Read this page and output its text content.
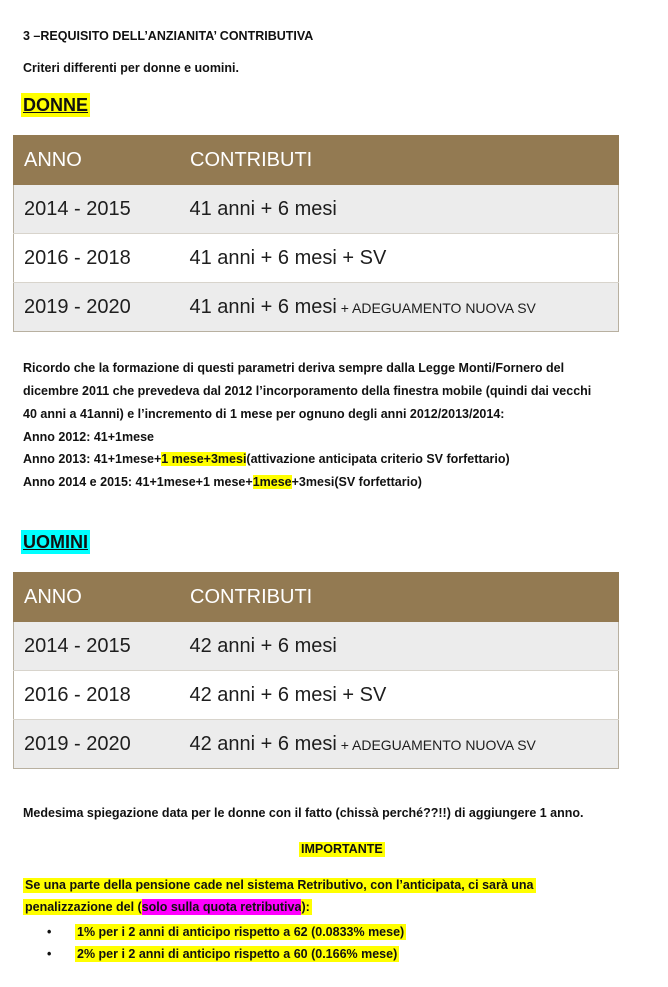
3 –REQUISITO DELL’ANZIANITA’ CONTRIBUTIVA
Criteri differenti per donne e uomini.
DONNE
ANNO	CONTRIBUTI
2014 - 2015	41 anni + 6 mesi
2016 - 2018	41 anni + 6 mesi + SV
2019 - 2020	41 anni + 6 mesi + ADEGUAMENTO NUOVA SV
Ricordo che la formazione di questi parametri deriva sempre dalla Legge Monti/Fornero del
dicembre 2011 che prevedeva dal 2012 l’incorporamento della finestra mobile (quindi dai vecchi
40 anni a 41anni) e l’incremento di 1 mese per ognuno degli anni 2012/2013/2014:
Anno 2012: 41+1mese
Anno 2013: 41+1mese+1 mese+3mesi(attivazione anticipata criterio SV forfettario)
Anno 2014 e 2015: 41+1mese+1 mese+1mese+3mesi(SV forfettario)
UOMINI
ANNO	CONTRIBUTI
2014 - 2015	42 anni + 6 mesi
2016 - 2018	42 anni + 6 mesi + SV
2019 - 2020	42 anni + 6 mesi + ADEGUAMENTO NUOVA SV
Medesima spiegazione data per le donne con il fatto (chissà perché??!!) di aggiungere 1 anno.
IMPORTANTE
Se una parte della pensione cade nel sistema Retributivo, con l’anticipata, ci sarà una
penalizzazione del (solo sulla quota retributiva):
• 1% per i 2 anni di anticipo rispetto a 62 (0.0833% mese)
• 2% per i 2 anni di anticipo rispetto a 60 (0.166% mese)
